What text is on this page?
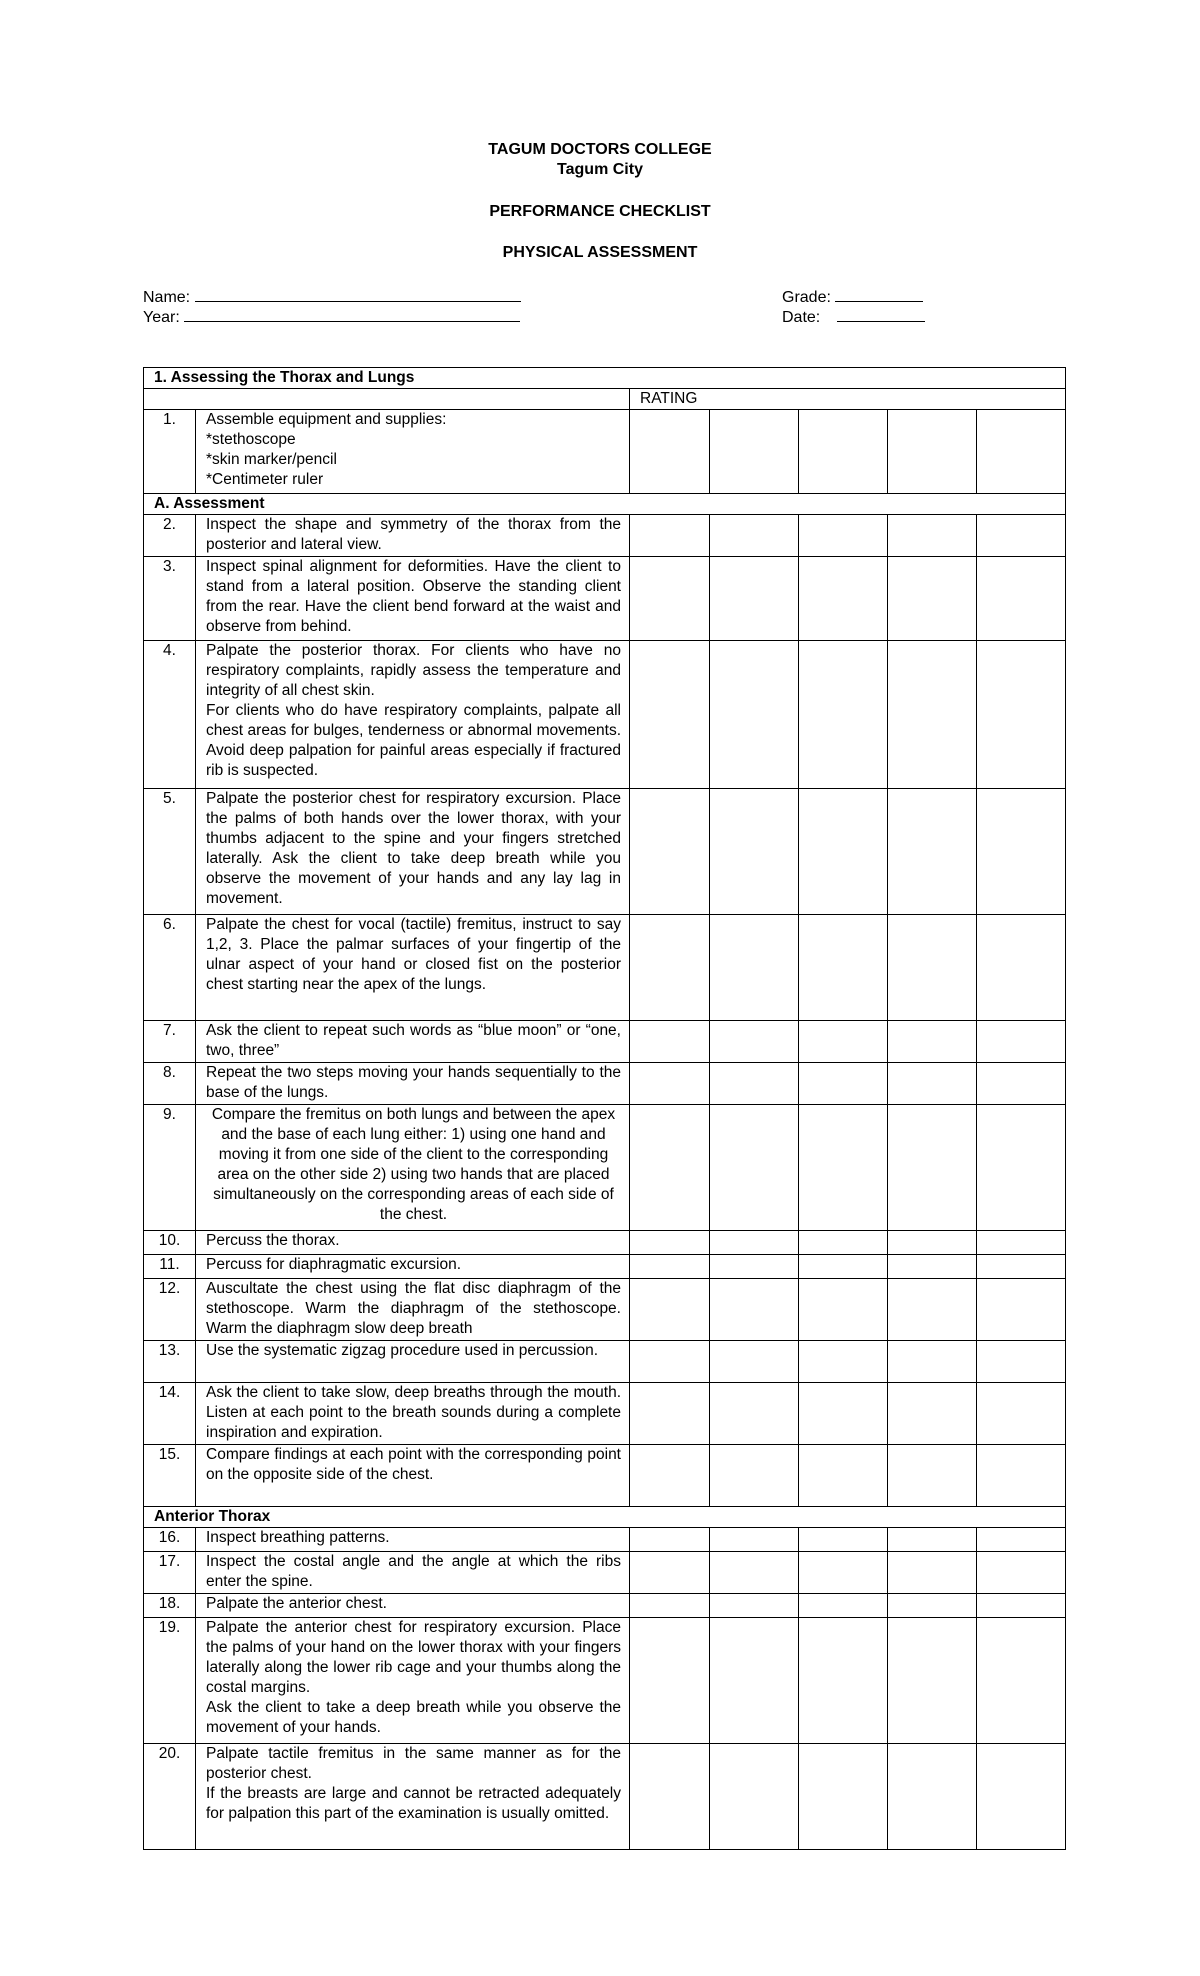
TAGUM DOCTORS COLLEGE
Tagum City
PERFORMANCE CHECKLIST
PHYSICAL ASSESSMENT
Name:
Year:
Grade:
Date:
1. Assessing the Thorax and Lungs						
		RATING				
1.	Assemble equipment and supplies:
*stethoscope
*skin marker/pencil
*Centimeter ruler					
A. Assessment						
2.	Inspect the shape and symmetry of the thorax from the posterior and lateral view.					
3.	Inspect spinal alignment for deformities. Have the client to stand from a lateral position. Observe the standing client from the rear. Have the client bend forward at the waist and observe from behind.					
4.	Palpate the posterior thorax. For clients who have no respiratory complaints, rapidly assess the temperature and integrity of all chest skin.
For clients who do have respiratory complaints, palpate all chest areas for bulges, tenderness or abnormal movements. Avoid deep palpation for painful areas especially if fractured rib is suspected.					
5.	Palpate the posterior chest for respiratory excursion. Place the palms of both hands over the lower thorax, with your thumbs adjacent to the spine and your fingers stretched laterally. Ask the client to take deep breath while you observe the movement of your hands and any lay lag in movement.					
6.	Palpate the chest for vocal (tactile) fremitus, instruct to say 1,2, 3. Place the palmar surfaces of your fingertip of the ulnar aspect of your hand or closed fist on the posterior chest starting near the apex of the lungs.					
7.	Ask the client to repeat such words as “blue moon” or “one, two, three”					
8.	Repeat the two steps moving your hands sequentially to the base of the lungs.					
9.	Compare the fremitus on both lungs and between the apex and the base of each lung either: 1) using one hand and moving it from one side of the client to the corresponding area on the other side 2) using two hands that are placed simultaneously on the corresponding areas of each side of the chest.					
10.	Percuss the thorax.					
11.	Percuss for diaphragmatic excursion.					
12.	Auscultate the chest using the flat disc diaphragm of the stethoscope. Warm the diaphragm of the stethoscope. Warm the diaphragm slow deep breath					
13.	Use the systematic zigzag procedure used in percussion.					
14.	Ask the client to take slow, deep breaths through the mouth. Listen at each point to the breath sounds during a complete inspiration and expiration.					
15.	Compare findings at each point with the corresponding point on the opposite side of the chest.					
Anterior Thorax						
16.	Inspect breathing patterns.					
17.	Inspect the costal angle and the angle at which the ribs enter the spine.					
18.	Palpate the anterior chest.					
19.	Palpate the anterior chest for respiratory excursion. Place the palms of your hand on the lower thorax with your fingers laterally along the lower rib cage and your thumbs along the costal margins.
Ask the client to take a deep breath while you observe the movement of your hands.					
20.	Palpate tactile fremitus in the same manner as for the posterior chest.
If the breasts are large and cannot be retracted adequately for palpation this part of the examination is usually omitted.					
